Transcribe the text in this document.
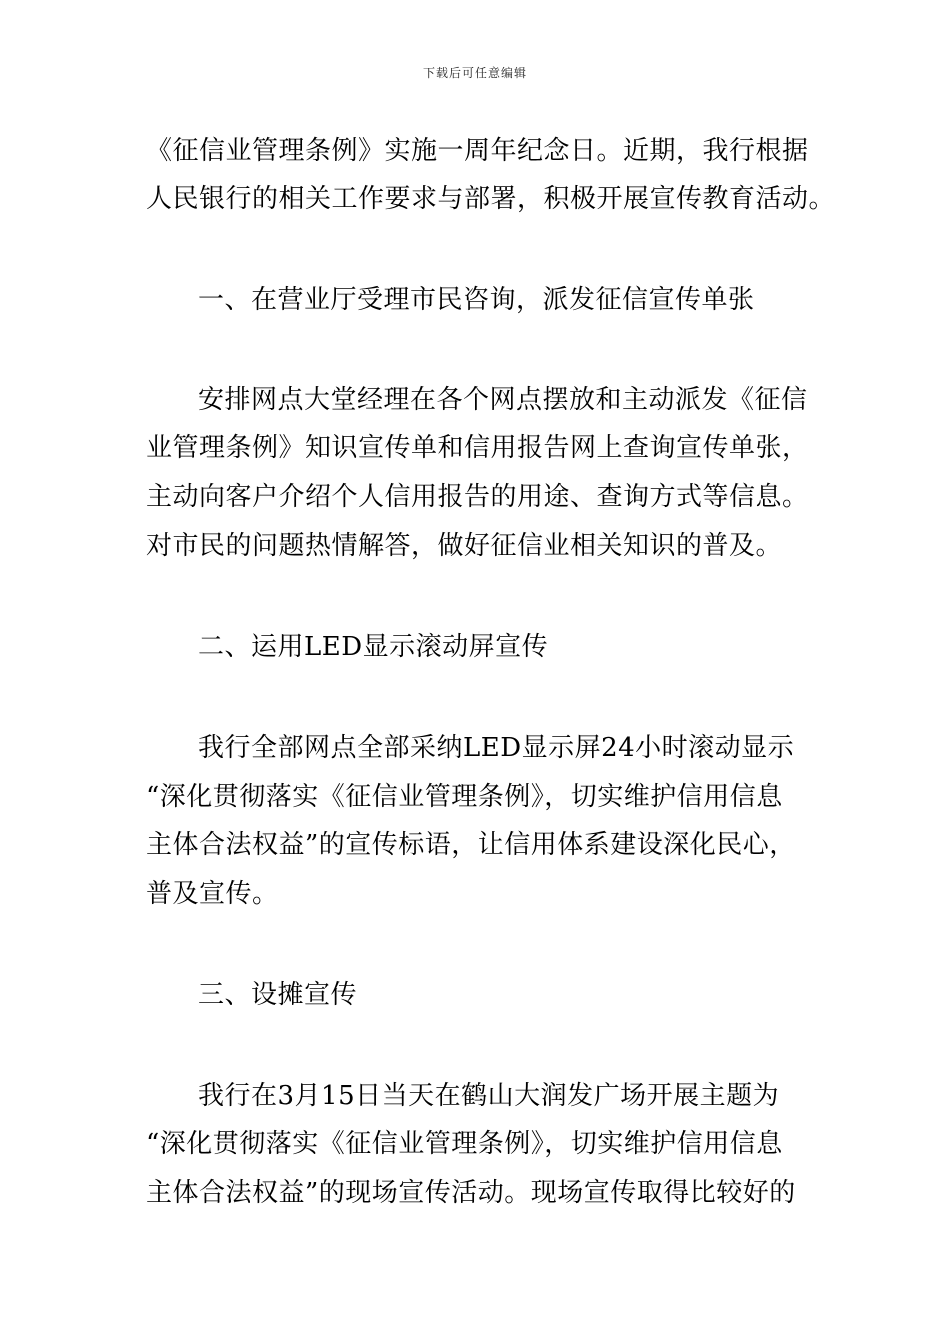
下载后可任意编辑
《征信业管理条例》实施一周年纪念日。近期，我行根据
人民银行的相关工作要求与部署，积极开展宣传教育活动。
一、在营业厅受理市民咨询，派发征信宣传单张
安排网点大堂经理在各个网点摆放和主动派发《征信
业管理条例》知识宣传单和信用报告网上查询宣传单张，
主动向客户介绍个人信用报告的用途、查询方式等信息。
对市民的问题热情解答，做好征信业相关知识的普及。
二、运用LED显示滚动屏宣传
我行全部网点全部采纳LED显示屏24小时滚动显示
“深化贯彻落实《征信业管理条例》，切实维护信用信息
主体合法权益”的宣传标语，让信用体系建设深化民心，
普及宣传。
三、设摊宣传
我行在3月15日当天在鹤山大润发广场开展主题为
“深化贯彻落实《征信业管理条例》，切实维护信用信息
主体合法权益”的现场宣传活动。现场宣传取得比较好的
